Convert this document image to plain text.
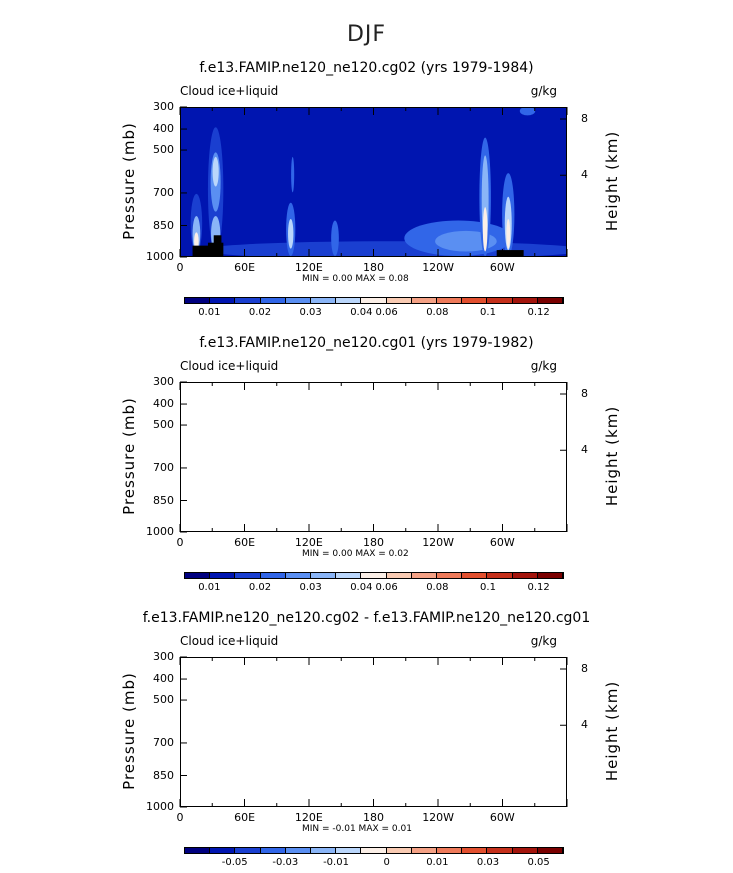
DJF
f.e13.FAMIP.ne120_ne120.cg02 (yrs 1979-1984)
Cloud ice+liquid	g/kg
300
400
500
700
850
1000
8
4
Pressure (mb)	Height (km)
0	60E	120E	180	120W	60W
MIN = 0.00 MAX = 0.08
0.01	0.02	0.03	0.04 0.06	0.08	0.1	0.12
f.e13.FAMIP.ne120_ne120.cg01 (yrs 1979-1982)
Cloud ice+liquid	g/kg
300
400
500
700
850
1000
8
4
Pressure (mb)	Height (km)
0	60E	120E	180	120W	60W
MIN = 0.00 MAX = 0.02
0.01	0.02	0.03	0.04 0.06	0.08	0.1	0.12
f.e13.FAMIP.ne120_ne120.cg02 - f.e13.FAMIP.ne120_ne120.cg01
Cloud ice+liquid	g/kg
300
400
500
700
850
1000
8
4
Pressure (mb)	Height (km)
0	60E	120E	180	120W	60W
MIN = -0.01 MAX = 0.01
-0.05	-0.03	-0.01	0	0.01	0.03	0.05
